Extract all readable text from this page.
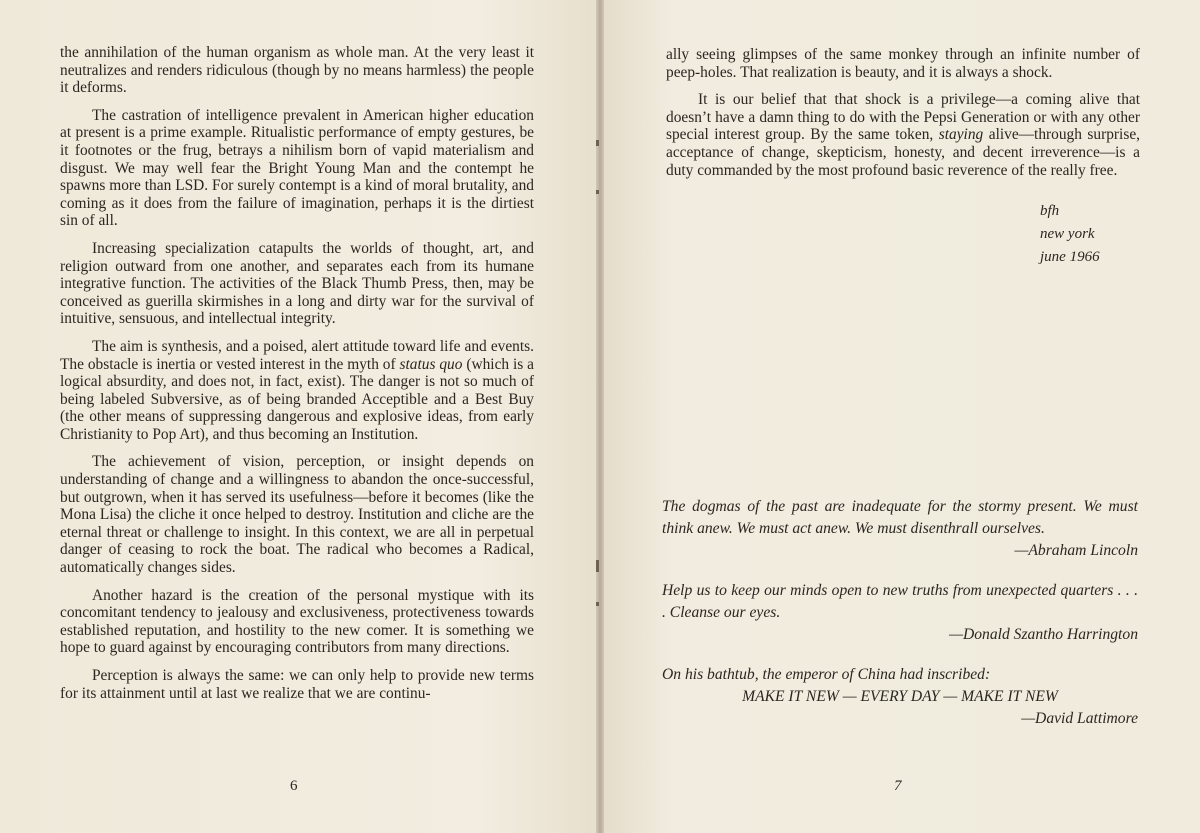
the annihilation of the human organism as whole man. At the very least it neutralizes and renders ridiculous (though by no means harmless) the people it deforms.

The castration of intelligence prevalent in American higher education at present is a prime example. Ritualistic performance of empty gestures, be it footnotes or the frug, betrays a nihilism born of vapid materialism and disgust. We may well fear the Bright Young Man and the contempt he spawns more than LSD. For surely contempt is a kind of moral brutality, and coming as it does from the failure of imagination, perhaps it is the dirtiest sin of all.

Increasing specialization catapults the worlds of thought, art, and religion outward from one another, and separates each from its humane integrative function. The activities of the Black Thumb Press, then, may be conceived as guerilla skirmishes in a long and dirty war for the survival of intuitive, sensuous, and intellectual integrity.

The aim is synthesis, and a poised, alert attitude toward life and events. The obstacle is inertia or vested interest in the myth of status quo (which is a logical absurdity, and does not, in fact, exist). The danger is not so much of being labeled Subversive, as of being branded Acceptible and a Best Buy (the other means of suppressing dangerous and explosive ideas, from early Christianity to Pop Art), and thus becoming an Institution.

The achievement of vision, perception, or insight depends on understanding of change and a willingness to abandon the once-successful, but outgrown, when it has served its usefulness—before it becomes (like the Mona Lisa) the cliche it once helped to destroy. Institution and cliche are the eternal threat or challenge to insight. In this context, we are all in perpetual danger of ceasing to rock the boat. The radical who becomes a Radical, automatically changes sides.

Another hazard is the creation of the personal mystique with its concomitant tendency to jealousy and exclusiveness, protectiveness towards established reputation, and hostility to the new comer. It is something we hope to guard against by encouraging contributors from many directions.

Perception is always the same: we can only help to provide new terms for its attainment until at last we realize that we are continu-

6	7

ally seeing glimpses of the same monkey through an infinite number of peep-holes. That realization is beauty, and it is always a shock.

It is our belief that that shock is a privilege—a coming alive that doesn’t have a damn thing to do with the Pepsi Generation or with any other special interest group. By the same token, staying alive—through surprise, acceptance of change, skepticism, honesty, and decent irreverence—is a duty commanded by the most profound basic reverence of the really free.

bfh
new york
june 1966
The dogmas of the past are inadequate for the stormy present. We must think anew. We must act anew. We must disenthrall ourselves.
—Abraham Lincoln
Help us to keep our minds open to new truths from unexpected quarters . . . . Cleanse our eyes.
—Donald Szantho Harrington
On his bathtub, the emperor of China had inscribed:
MAKE IT NEW — EVERY DAY — MAKE IT NEW
—David Lattimore
